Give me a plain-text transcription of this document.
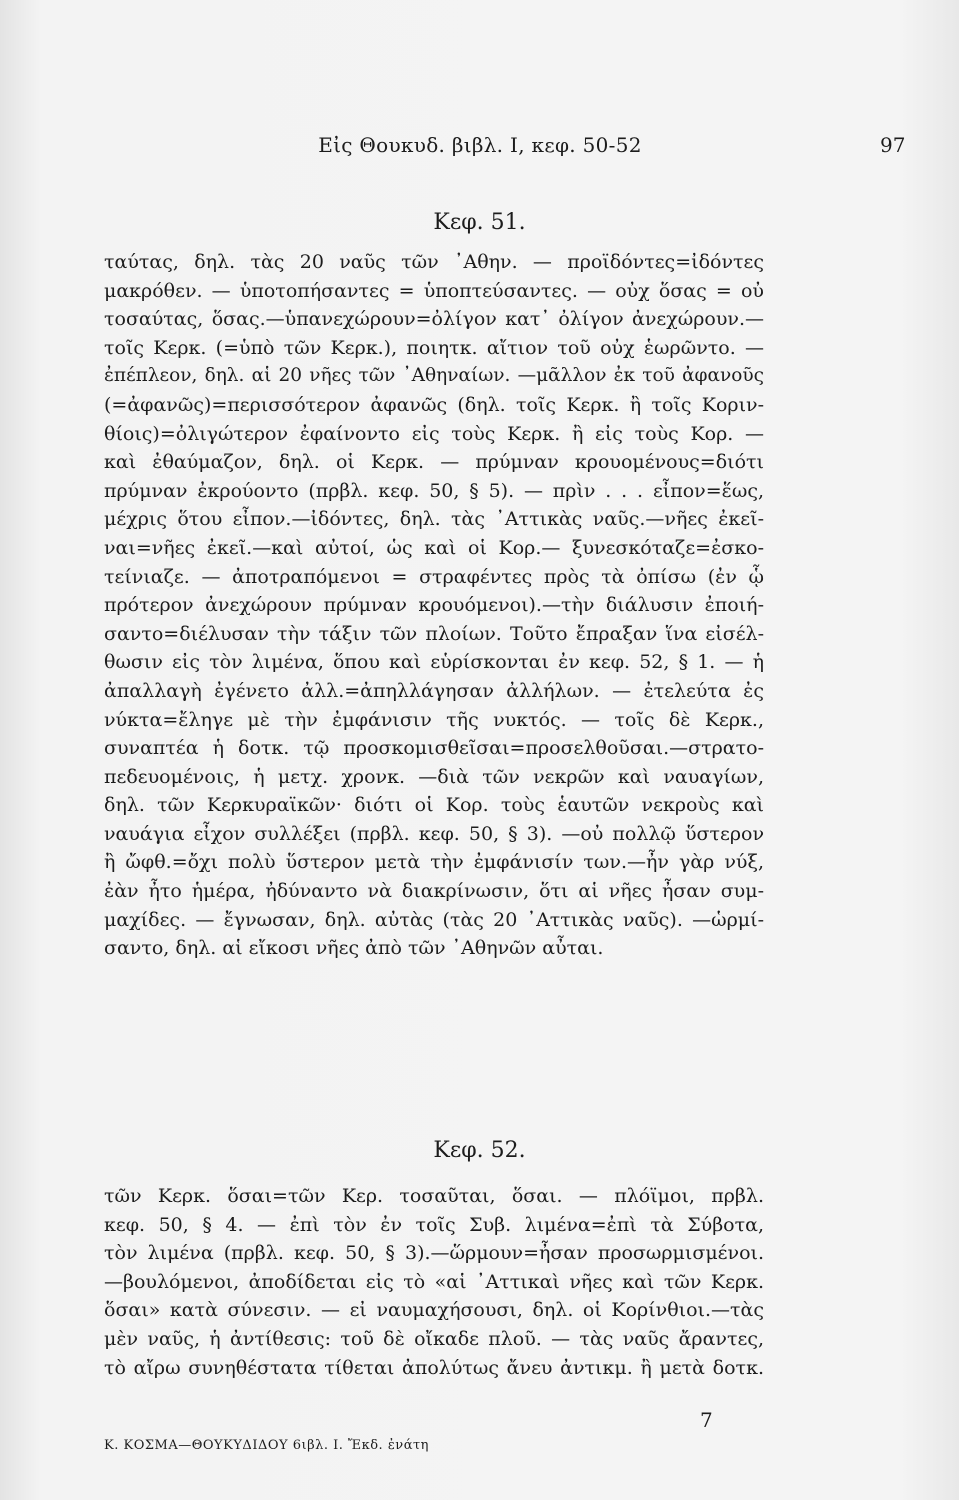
Εἰς Θουκυδ. βιβλ. I, κεφ. 50-52	97
Κεφ. 51.
ταύτας, δηλ. τὰς 20 ναῦς τῶν ᾿Αθην. — προϊδόντες=ἰδόντες
μακρόθεν. — ὑποτοπήσαντες = ὑποπτεύσαντες. — οὐχ ὅσας = οὐ
τοσαύτας, ὅσας.—ὑπανεχώρουν=ὀλίγον κατ᾽ ὀλίγον ἀνεχώρουν.—
τοῖς Κερκ. (=ὑπὸ τῶν Κερκ.), ποιητκ. αἴτιον τοῦ οὐχ ἑωρῶντο. —
ἐπέπλεον, δηλ. αἱ 20 νῆες τῶν ᾿Αθηναίων. —μᾶλλον ἐκ τοῦ ἀφανοῦς
(=ἀφανῶς)=περισσότερον ἀφανῶς (δηλ. τοῖς Κερκ. ἢ τοῖς Κοριν-
θίοις)=ὀλιγώτερον ἐφαίνοντο εἰς τοὺς Κερκ. ἢ εἰς τοὺς Κορ. —
καὶ ἐθαύμαζον, δηλ. οἱ Κερκ. — πρύμναν κρουομένους=διότι
πρύμναν ἐκρούοντο (πρβλ. κεφ. 50, § 5). — πρὶν . . . εἶπον=ἕως,
μέχρις ὅτου εἶπον.—ἰδόντες, δηλ. τὰς ᾿Αττικὰς ναῦς.—νῆες ἐκεῖ-
ναι=νῆες ἐκεῖ.—καὶ αὐτοί, ὡς καὶ οἱ Κορ.— ξυνεσκόταζε=ἐσκο-
τείνιαζε. — ἀποτραπόμενοι = στραφέντες πρὸς τὰ ὀπίσω (ἐν ᾧ
πρότερον ἀνεχώρουν πρύμναν κρουόμενοι).—τὴν διάλυσιν ἐποιή-
σαντο=διέλυσαν τὴν τάξιν τῶν πλοίων. Τοῦτο ἔπραξαν ἵνα εἰσέλ-
θωσιν εἰς τὸν λιμένα, ὅπου καὶ εὑρίσκονται ἐν κεφ. 52, § 1. — ἡ
ἀπαλλαγὴ ἐγένετο ἀλλ.=ἀπηλλάγησαν ἀλλήλων. — ἐτελεύτα ἐς
νύκτα=ἔληγε μὲ τὴν ἐμφάνισιν τῆς νυκτός. — τοῖς δὲ Κερκ.,
συναπτέα ἡ δοτκ. τῷ προσκομισθεῖσαι=προσελθοῦσαι.—στρατο-
πεδευομένοις, ἡ μετχ. χρονκ. —διὰ τῶν νεκρῶν καὶ ναυαγίων,
δηλ. τῶν Κερκυραϊκῶν· διότι οἱ Κορ. τοὺς ἑαυτῶν νεκροὺς καὶ
ναυάγια εἶχον συλλέξει (πρβλ. κεφ. 50, § 3). —οὐ πολλῷ ὕστερον
ἢ ὤφθ.=ὄχι πολὺ ὕστερον μετὰ τὴν ἐμφάνισίν των.—ἦν γὰρ νύξ,
ἐὰν ἦτο ἡμέρα, ἠδύναντο νὰ διακρίνωσιν, ὅτι αἱ νῆες ἦσαν συμ-
μαχίδες. — ἔγνωσαν, δηλ. αὐτὰς (τὰς 20 ᾿Αττικὰς ναῦς). —ὡρμί-
σαντο, δηλ. αἱ εἴκοσι νῆες ἀπὸ τῶν ᾿Αθηνῶν αὖται.
Κεφ. 52.
τῶν Κερκ. ὅσαι=τῶν Κερ. τοσαῦται, ὅσαι. — πλόϊμοι, πρβλ.
κεφ. 50, § 4. — ἐπὶ τὸν ἐν τοῖς Συβ. λιμένα=ἐπὶ τὰ Σύβοτα,
τὸν λιμένα (πρβλ. κεφ. 50, § 3).—ὥρμουν=ἦσαν προσωρμισμένοι.
—βουλόμενοι, ἀποδίδεται εἰς τὸ «αἱ ᾿Αττικαὶ νῆες καὶ τῶν Κερκ.
ὅσαι» κατὰ σύνεσιν. — εἰ ναυμαχήσουσι, δηλ. οἱ Κορίνθιοι.—τὰς
μὲν ναῦς, ἡ ἀντίθεσις: τοῦ δὲ οἴκαδε πλοῦ. — τὰς ναῦς ἄραντες,
τὸ αἴρω συνηθέστατα τίθεται ἀπολύτως ἄνευ ἀντικμ. ἢ μετὰ δοτκ.
7
Κ. ΚΟΣΜΑ—ΘΟΥΚΥΔΙΔΟΥ 6ιβλ. Ι. Ἔκδ. ἐνάτη
